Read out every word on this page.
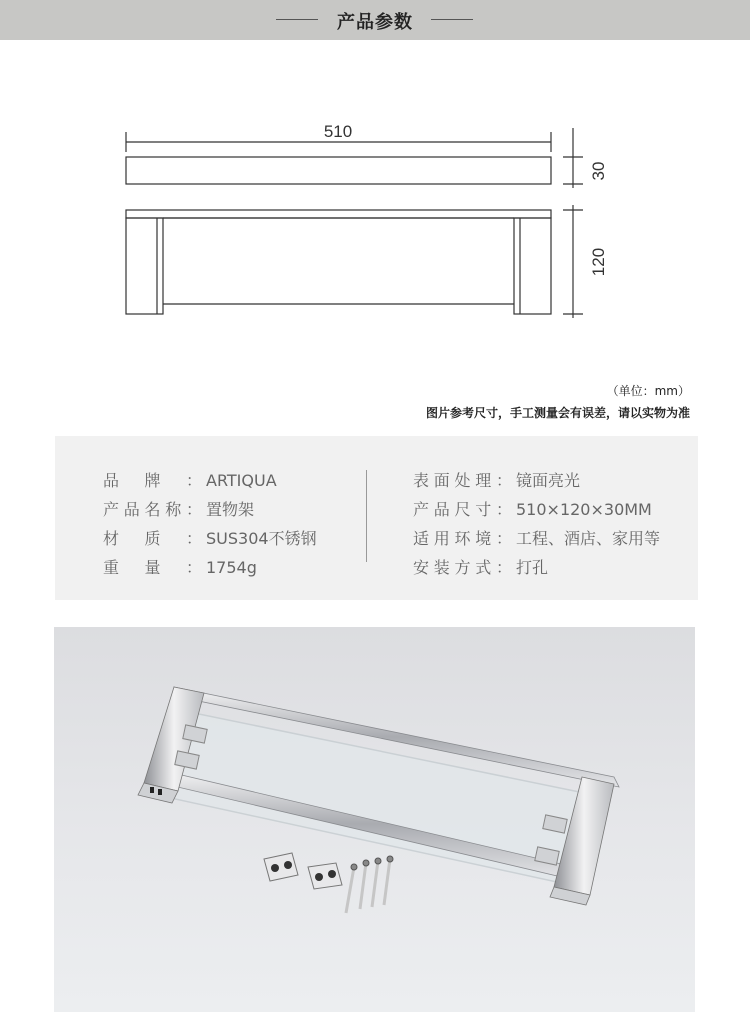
产品参数
510
30
120
（单位：mm）
图片参考尺寸，手工测量会有误差，请以实物为准
品牌： ARTIQUA
产品名称： 置物架
材质： SUS304不锈钢
重量： 1754g
表面处理： 镜面亮光
产品尺寸： 510×120×30MM
适用环境： 工程、酒店、家用等
安装方式： 打孔
